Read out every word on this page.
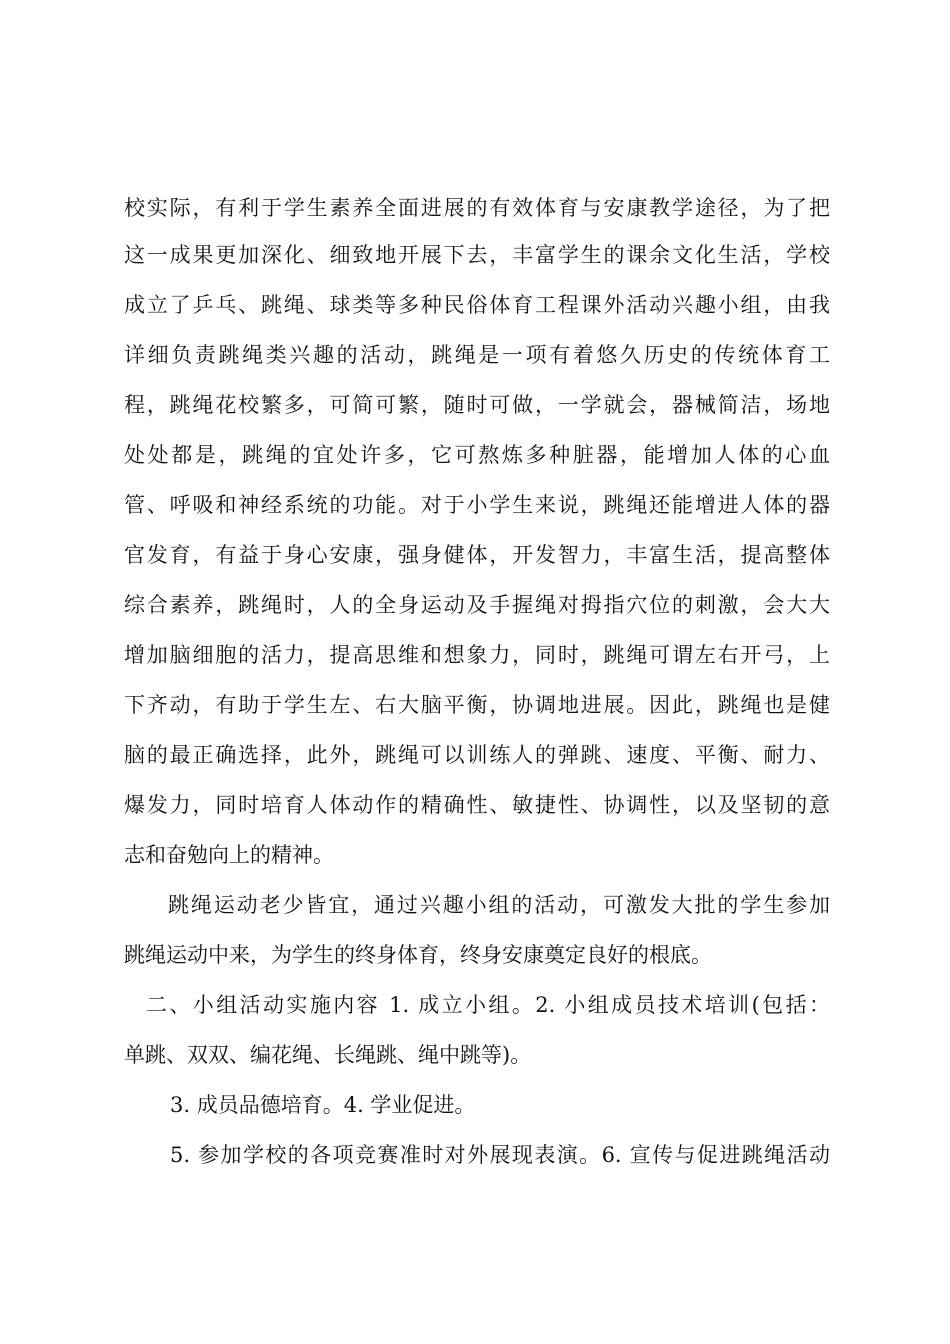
校实际，有利于学生素养全面进展的有效体育与安康教学途径，为了把
这一成果更加深化、细致地开展下去，丰富学生的课余文化生活，学校
成立了乒乓、跳绳、球类等多种民俗体育工程课外活动兴趣小组，由我
详细负责跳绳类兴趣的活动，跳绳是一项有着悠久历史的传统体育工
程，跳绳花校繁多，可简可繁，随时可做，一学就会，器械简洁，场地
处处都是，跳绳的宜处许多，它可熬炼多种脏器，能增加人体的心血
管、呼吸和神经系统的功能。对于小学生来说，跳绳还能增进人体的器
官发育，有益于身心安康，强身健体，开发智力，丰富生活，提高整体
综合素养，跳绳时，人的全身运动及手握绳对拇指穴位的刺激，会大大
增加脑细胞的活力，提高思维和想象力，同时，跳绳可谓左右开弓，上
下齐动，有助于学生左、右大脑平衡，协调地进展。因此，跳绳也是健
脑的最正确选择，此外，跳绳可以训练人的弹跳、速度、平衡、耐力、
爆发力，同时培育人体动作的精确性、敏捷性、协调性，以及坚韧的意
志和奋勉向上的精神。
跳绳运动老少皆宜，通过兴趣小组的活动，可激发大批的学生参加
跳绳运动中来，为学生的终身体育，终身安康奠定良好的根底。
二、小组活动实施内容 1. 成立小组。2. 小组成员技术培训(包括：
单跳、双双、编花绳、长绳跳、绳中跳等)。
3. 成员品德培育。4. 学业促进。
5. 参加学校的各项竞赛准时对外展现表演。6. 宣传与促进跳绳活动
